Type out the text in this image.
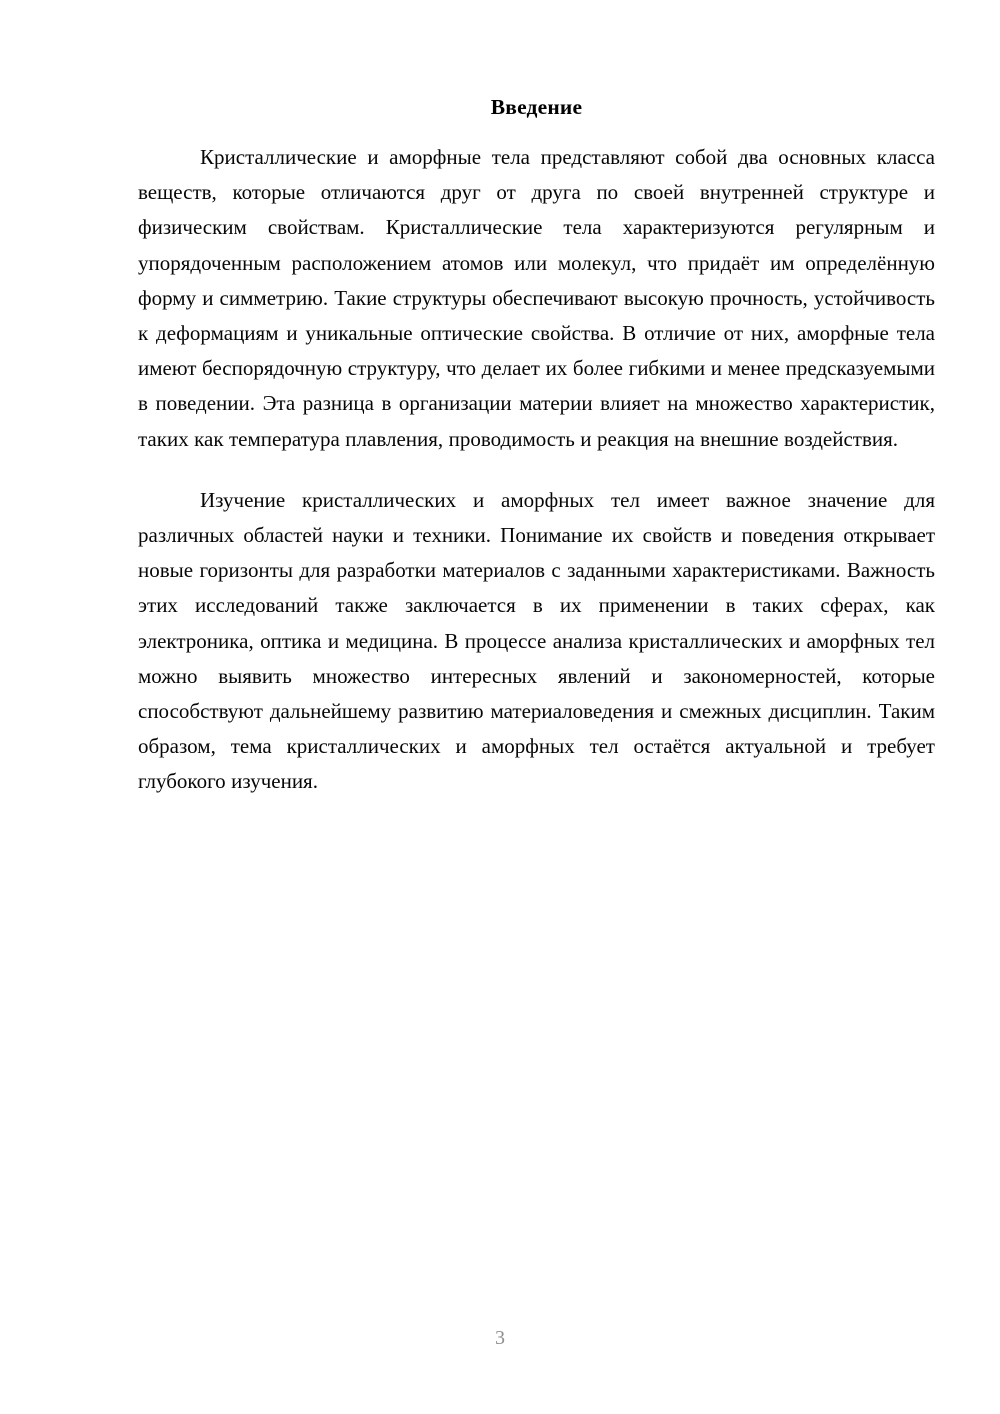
Введение

Кристаллические и аморфные тела представляют собой два основных класса веществ, которые отличаются друг от друга по своей внутренней структуре и физическим свойствам. Кристаллические тела характеризуются регулярным и упорядоченным расположением атомов или молекул, что придаёт им определённую форму и симметрию. Такие структуры обеспечивают высокую прочность, устойчивость к деформациям и уникальные оптические свойства. В отличие от них, аморфные тела имеют беспорядочную структуру, что делает их более гибкими и менее предсказуемыми в поведении. Эта разница в организации материи влияет на множество характеристик, таких как температура плавления, проводимость и реакция на внешние воздействия.

Изучение кристаллических и аморфных тел имеет важное значение для различных областей науки и техники. Понимание их свойств и поведения открывает новые горизонты для разработки материалов с заданными характеристиками. Важность этих исследований также заключается в их применении в таких сферах, как электроника, оптика и медицина. В процессе анализа кристаллических и аморфных тел можно выявить множество интересных явлений и закономерностей, которые способствуют дальнейшему развитию материаловедения и смежных дисциплин. Таким образом, тема кристаллических и аморфных тел остаётся актуальной и требует глубокого изучения.

3
